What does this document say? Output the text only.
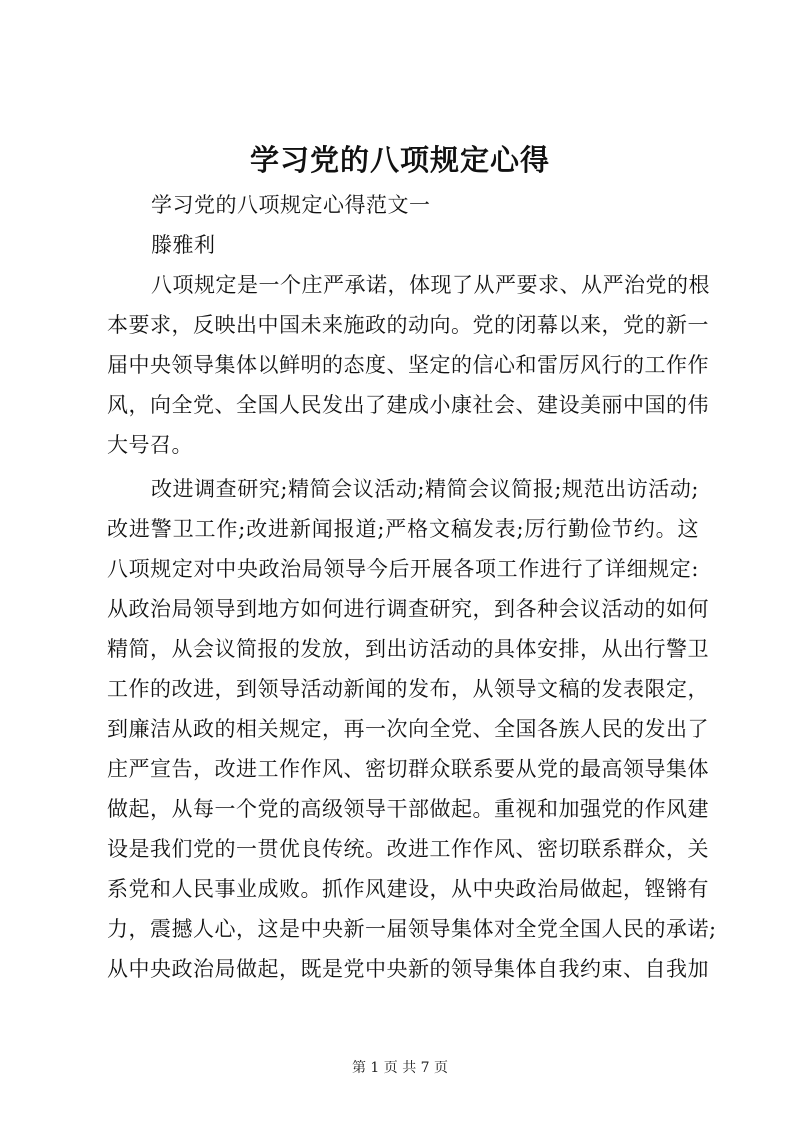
学习党的八项规定心得
学习党的八项规定心得范文一
滕雅利
八项规定是一个庄严承诺，体现了从严要求、从严治党的根
本要求，反映出中国未来施政的动向。党的闭幕以来，党的新一
届中央领导集体以鲜明的态度、坚定的信心和雷厉风行的工作作
风，向全党、全国人民发出了建成小康社会、建设美丽中国的伟
大号召。
改进调查研究;精简会议活动;精简会议简报;规范出访活动;
改进警卫工作;改进新闻报道;严格文稿发表;厉行勤俭节约。这
八项规定对中央政治局领导今后开展各项工作进行了详细规定:
从政治局领导到地方如何进行调查研究，到各种会议活动的如何
精简，从会议简报的发放，到出访活动的具体安排，从出行警卫
工作的改进，到领导活动新闻的发布，从领导文稿的发表限定，
到廉洁从政的相关规定，再一次向全党、全国各族人民的发出了
庄严宣告，改进工作作风、密切群众联系要从党的最高领导集体
做起，从每一个党的高级领导干部做起。重视和加强党的作风建
设是我们党的一贯优良传统。改进工作作风、密切联系群众，关
系党和人民事业成败。抓作风建设，从中央政治局做起，铿锵有
力，震撼人心，这是中央新一届领导集体对全党全国人民的承诺;
从中央政治局做起，既是党中央新的领导集体自我约束、自我加
第 1 页 共 7 页
